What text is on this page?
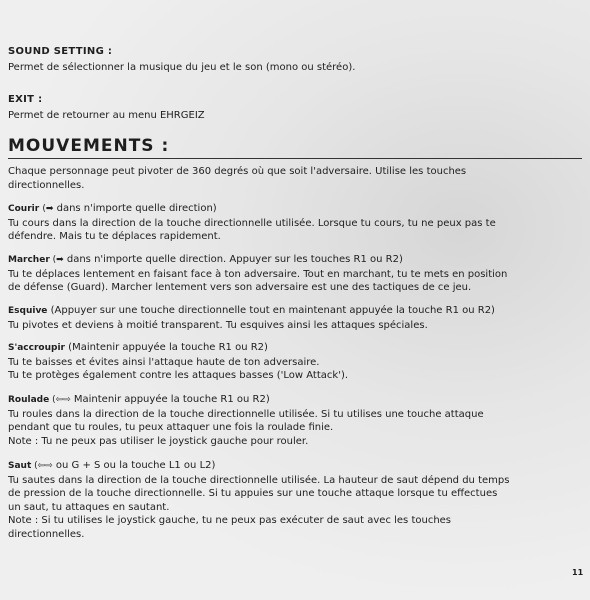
SOUND SETTING :
Permet de sélectionner la musique du jeu et le son (mono ou stéréo).
EXIT :
Permet de retourner au menu EHRGEIZ
MOUVEMENTS :
Chaque personnage peut pivoter de 360 degrés où que soit l'adversaire. Utilise les touches
directionnelles.
Courir (➡ dans n'importe quelle direction)
Tu cours dans la direction de la touche directionnelle utilisée. Lorsque tu cours, tu ne peux pas te
défendre. Mais tu te déplaces rapidement.
Marcher (➡ dans n'importe quelle direction. Appuyer sur les touches R1 ou R2)
Tu te déplaces lentement en faisant face à ton adversaire. Tout en marchant, tu te mets en position
de défense (Guard). Marcher lentement vers son adversaire est une des tactiques de ce jeu.
Esquive (Appuyer sur une touche directionnelle tout en maintenant appuyée la touche R1 ou R2)
Tu pivotes et deviens à moitié transparent. Tu esquives ainsi les attaques spéciales.
S'accroupir (Maintenir appuyée la touche R1 ou R2)
Tu te baisses et évites ainsi l'attaque haute de ton adversaire.
Tu te protèges également contre les attaques basses ('Low Attack').
Roulade (⇦⇨ Maintenir appuyée la touche R1 ou R2)
Tu roules dans la direction de la touche directionnelle utilisée. Si tu utilises une touche attaque
pendant que tu roules, tu peux attaquer une fois la roulade finie.
Note : Tu ne peux pas utiliser le joystick gauche pour rouler.
Saut (⇦⇨ ou G + S ou la touche L1 ou L2)
Tu sautes dans la direction de la touche directionnelle utilisée. La hauteur de saut dépend du temps
de pression de la touche directionnelle. Si tu appuies sur une touche attaque lorsque tu effectues
un saut, tu attaques en sautant.
Note : Si tu utilises le joystick gauche, tu ne peux pas exécuter de saut avec les touches
directionnelles.
11
